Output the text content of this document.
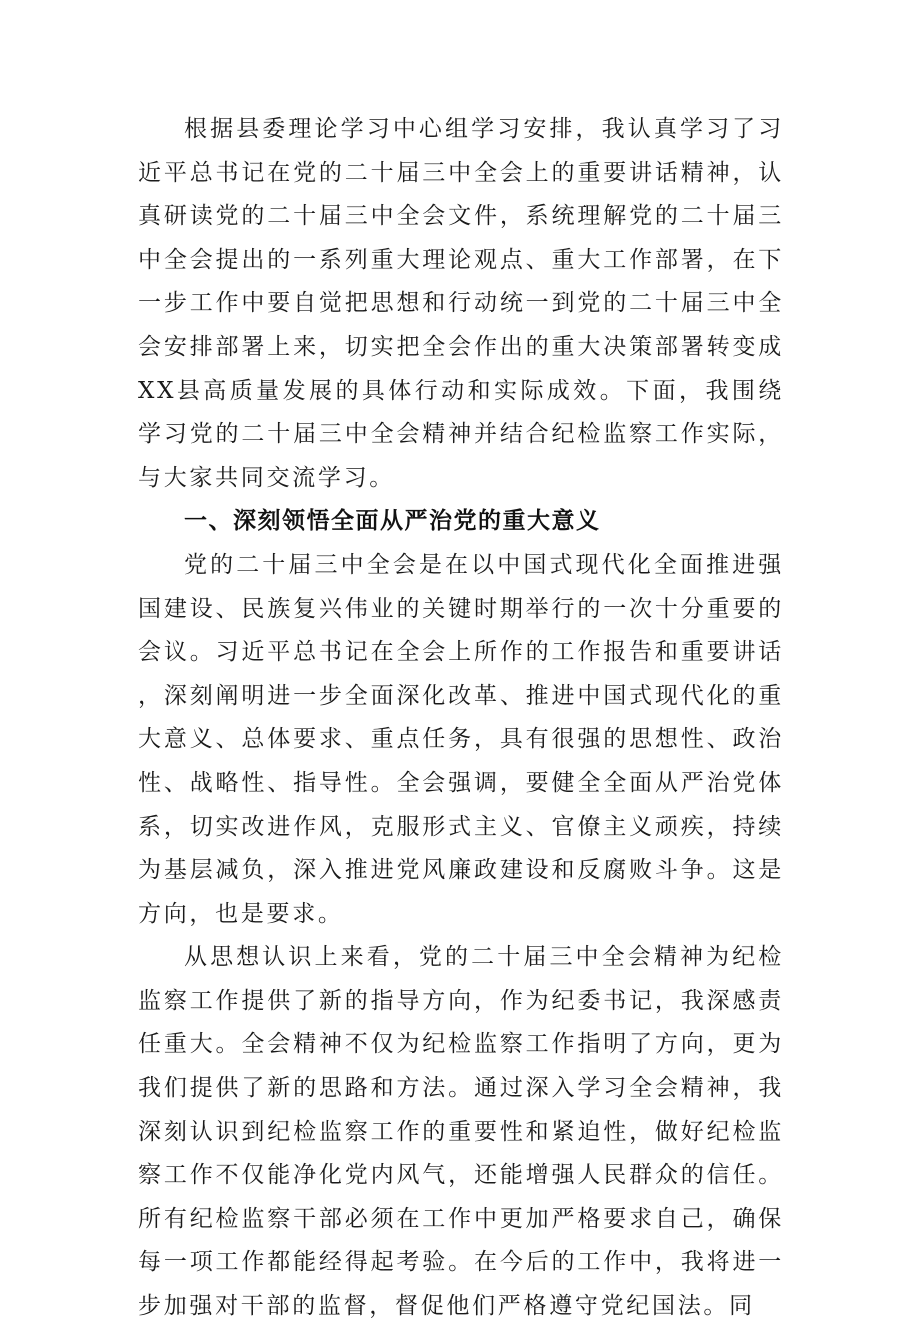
根据县委理论学习中心组学习安排，我认真学习了习近平总书记在党的二十届三中全会上的重要讲话精神，认真研读党的二十届三中全会文件，系统理解党的二十届三中全会提出的一系列重大理论观点、重大工作部署，在下一步工作中要自觉把思想和行动统一到党的二十届三中全会安排部署上来，切实把全会作出的重大决策部署转变成XX县高质量发展的具体行动和实际成效。下面，我围绕学习党的二十届三中全会精神并结合纪检监察工作实际，与大家共同交流学习。

一、深刻领悟全面从严治党的重大意义

党的二十届三中全会是在以中国式现代化全面推进强国建设、民族复兴伟业的关键时期举行的一次十分重要的会议。习近平总书记在全会上所作的工作报告和重要讲话，深刻阐明进一步全面深化改革、推进中国式现代化的重大意义、总体要求、重点任务，具有很强的思想性、政治性、战略性、指导性。全会强调，要健全全面从严治党体系，切实改进作风，克服形式主义、官僚主义顽疾，持续为基层减负，深入推进党风廉政建设和反腐败斗争。这是方向，也是要求。

从思想认识上来看，党的二十届三中全会精神为纪检监察工作提供了新的指导方向，作为纪委书记，我深感责任重大。全会精神不仅为纪检监察工作指明了方向，更为我们提供了新的思路和方法。通过深入学习全会精神，我深刻认识到纪检监察工作的重要性和紧迫性，做好纪检监察工作不仅能净化党内风气，还能增强人民群众的信任。所有纪检监察干部必须在工作中更加严格要求自己，确保每一项工作都能经得起考验。在今后的工作中，我将进一步加强对干部的监督，督促他们严格遵守党纪国法。同
